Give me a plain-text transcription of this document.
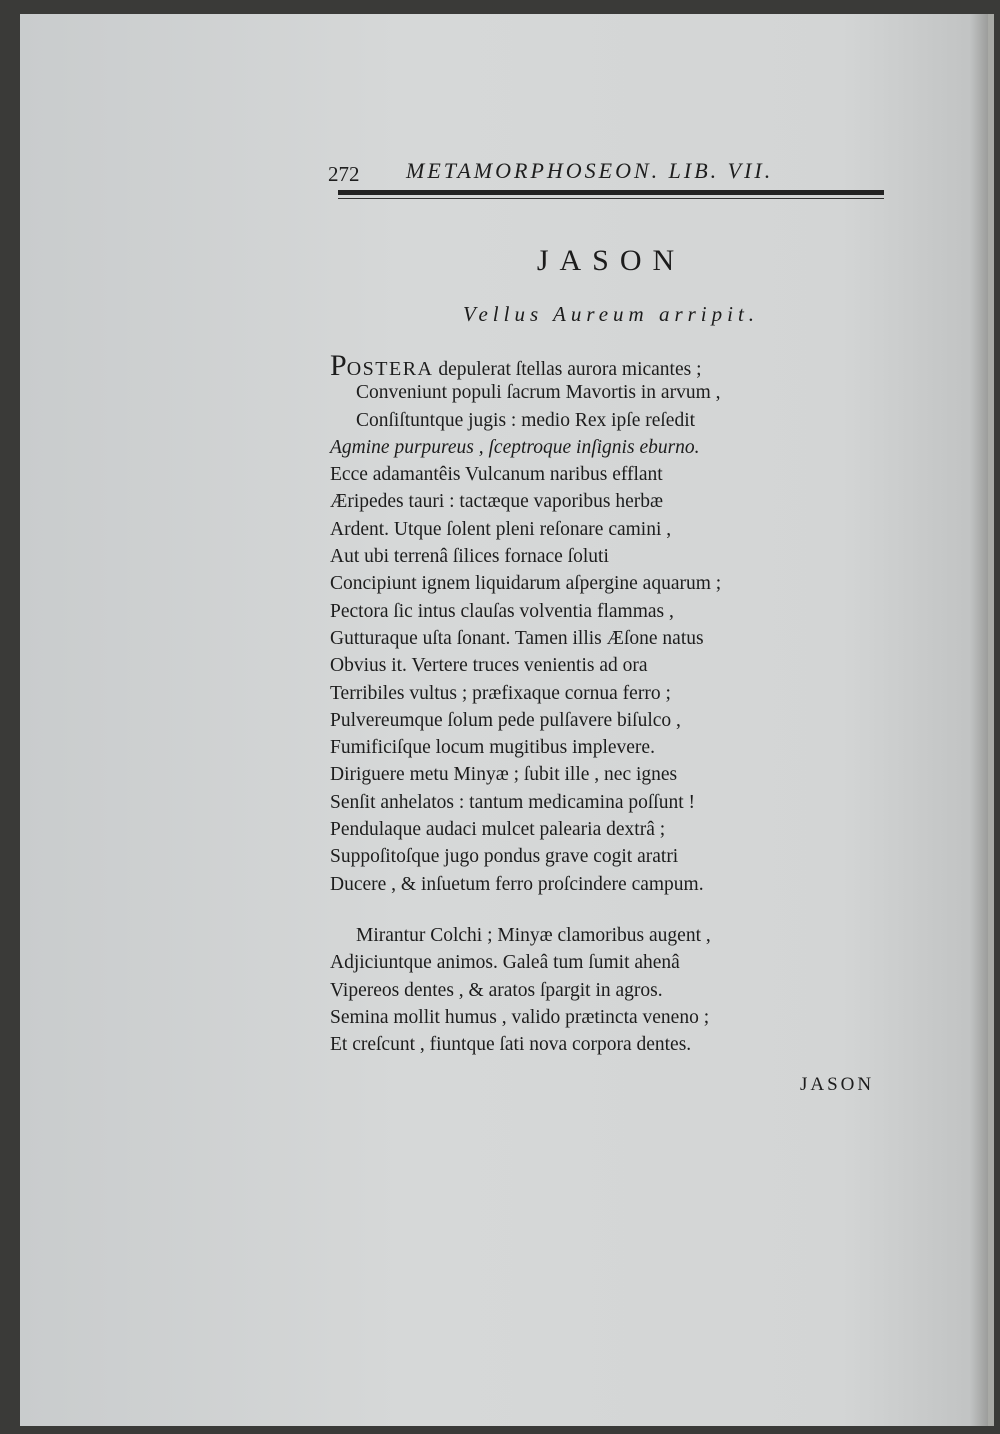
272 METAMORPHOSEON. LIB. VII.
JASON
Vellus Aureum arripit.
POSTERA depulerat ſtellas aurora micantes ;
Conveniunt populi ſacrum Mavortis in arvum ,
Conſiſtuntque jugis : medio Rex ipſe reſedit
Agmine purpureus , ſceptroque inſignis eburno.
Ecce adamantêis Vulcanum naribus efflant
Æripedes tauri : tactæque vaporibus herbæ
Ardent. Utque ſolent pleni reſonare camini ,
Aut ubi terrenâ ſilices fornace ſoluti
Concipiunt ignem liquidarum aſpergine aquarum ;
Pectora ſic intus clauſas volventia flammas ,
Gutturaque uſta ſonant. Tamen illis Æſone natus
Obvius it. Vertere truces venientis ad ora
Terribiles vultus ; præfixaque cornua ferro ;
Pulvereumque ſolum pede pulſavere biſulco ,
Fumificiſque locum mugitibus implevere.
Diriguere metu Minyæ ; ſubit ille , nec ignes
Senſit anhelatos : tantum medicamina poſſunt !
Pendulaque audaci mulcet palearia dextrâ ;
Suppoſitoſque jugo pondus grave cogit aratri
Ducere , & inſuetum ferro proſcindere campum.
Mirantur Colchi ; Minyæ clamoribus augent ,
Adjiciuntque animos. Galeâ tum ſumit ahenâ
Vipereos dentes , & aratos ſpargit in agros.
Semina mollit humus , valido prætincta veneno ;
Et creſcunt , fiuntque ſati nova corpora dentes.
JASON
